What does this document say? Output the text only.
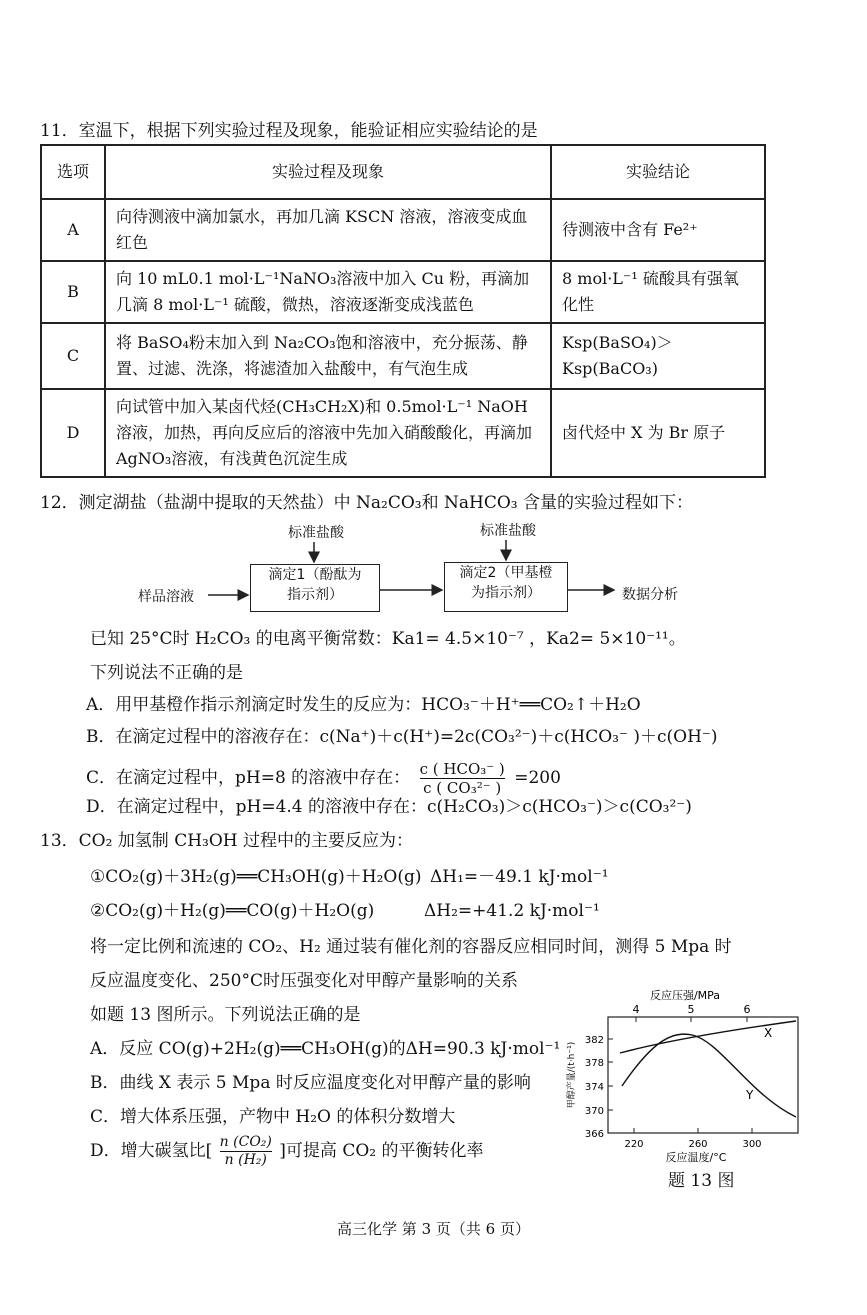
11．室温下，根据下列实验过程及现象，能验证相应实验结论的是
选项	实验过程及现象	实验结论
A	向待测液中滴加氯水，再加几滴 KSCN 溶液，溶液变成血红色	待测液中含有 Fe²⁺
B	向 10 mL0.1 mol·L⁻¹NaNO₃溶液中加入 Cu 粉，再滴加几滴 8 mol·L⁻¹ 硫酸，微热，溶液逐渐变成浅蓝色	8 mol·L⁻¹ 硫酸具有强氧化性
C	将 BaSO₄粉末加入到 Na₂CO₃饱和溶液中，充分振荡、静置、过滤、洗涤，将滤渣加入盐酸中，有气泡生成	Ksp(BaSO₄)＞Ksp(BaCO₃)
D	向试管中加入某卤代烃(CH₃CH₂X)和 0.5mol·L⁻¹ NaOH 溶液，加热，再向反应后的溶液中先加入硝酸酸化，再滴加 AgNO₃溶液，有浅黄色沉淀生成	卤代烃中 X 为 Br 原子
12．测定湖盐（盐湖中提取的天然盐）中 Na₂CO₃和 NaHCO₃ 含量的实验过程如下：
样品溶液
标准盐酸	标准盐酸
滴定1（酚酞为
指示剂）
滴定2（甲基橙
为指示剂）	数据分析
已知 25°C时 H₂CO₃ 的电离平衡常数：Ka1= 4.5×10⁻⁷ ，Ka2= 5×10⁻¹¹。
下列说法不正确的是
A．用甲基橙作指示剂滴定时发生的反应为：HCO₃⁻＋H⁺══CO₂↑＋H₂O
B．在滴定过程中的溶液存在：c(Na⁺)＋c(H⁺)=2c(CO₃²⁻)＋c(HCO₃⁻ )＋c(OH⁻)
C．在滴定过程中，pH=8 的溶液中存在： c ( HCO₃⁻ )
c ( CO₃²⁻ ) =200
D．在滴定过程中，pH=4.4 的溶液中存在：c(H₂CO₃)＞c(HCO₃⁻)＞c(CO₃²⁻)
13．CO₂ 加氢制 CH₃OH 过程中的主要反应为：
①CO₂(g)＋3H₂(g)══CH₃OH(g)＋H₂O(g) ΔH₁=－49.1 kJ·mol⁻¹
②CO₂(g)＋H₂(g)══CO(g)＋H₂O(g)	ΔH₂=+41.2 kJ·mol⁻¹
将一定比例和流速的 CO₂、H₂ 通过装有催化剂的容器反应相同时间，测得 5 Mpa 时
反应温度变化、250°C时压强变化对甲醇产量影响的关系
如题 13 图所示。下列说法正确的是
A．反应 CO(g)+2H₂(g)══CH₃OH(g)的ΔH=90.3 kJ·mol⁻¹
B．曲线 X 表示 5 Mpa 时反应温度变化对甲醇产量的影响
C．增大体系压强，产物中 H₂O 的体积分数增大
D．增大碳氢比[ $\frac{\text{n (CO₂)}}{\text{n (H₂)}}$ ]可提高 CO₂ 的平衡转化率
反应压强/MPa
4	5	6
382
378
374
370
366
220	260	300
反应温度/°C
甲醇产量/(t·h⁻¹)
X
Y
题 13 图
高三化学 第 3 页（共 6 页）
